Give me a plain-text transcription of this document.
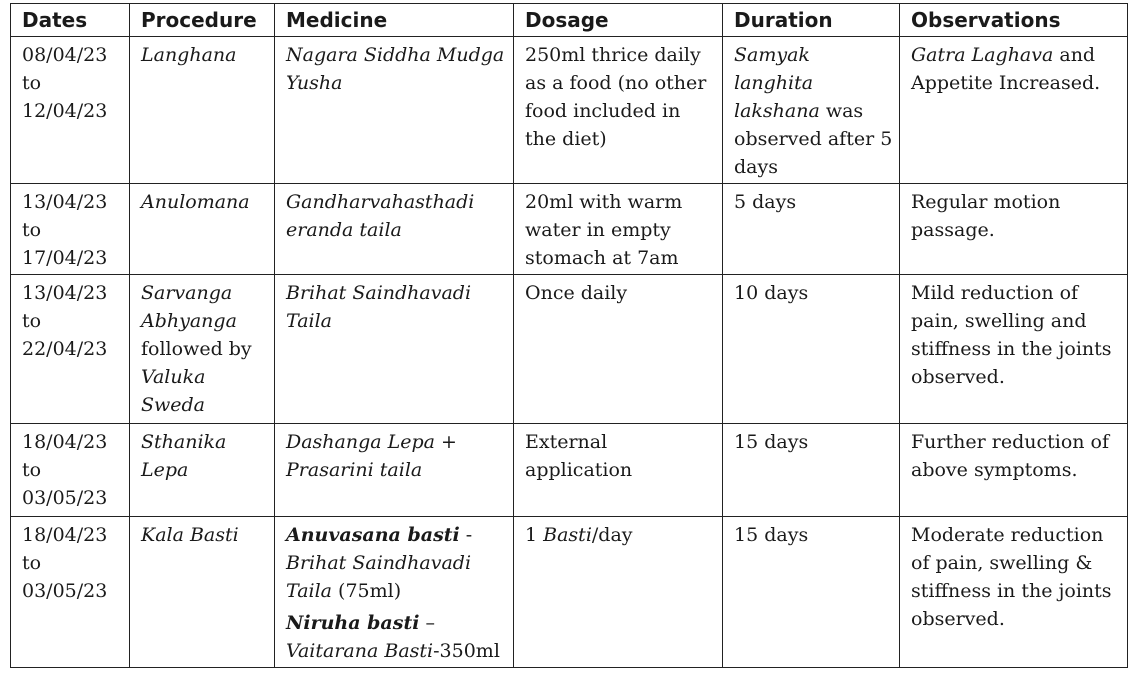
Dates	Procedure	Medicine	Dosage	Duration	Observations
08/04/23
to
12/04/23	Langhana	Nagara Siddha Mudga Yusha	250ml thrice daily as a food (no other food included in the diet)	Samyak langhita lakshana was observed after 5 days	Gatra Laghava and Appetite Increased.
13/04/23
to
17/04/23	Anulomana	Gandharvahasthadi eranda taila	20ml with warm water in empty stomach at 7am	5 days	Regular motion passage.
13/04/23
to
22/04/23	Sarvanga Abhyanga followed by Valuka Sweda	Brihat Saindhavadi Taila	Once daily	10 days	Mild reduction of pain, swelling and stiffness in the joints observed.
18/04/23
to
03/05/23	Sthanika Lepa	Dashanga Lepa + Prasarini taila	External application	15 days	Further reduction of above symptoms.
18/04/23
to
03/05/23	Kala Basti	Anuvasana basti - Brihat Saindhavadi Taila (75ml)
Niruha basti – Vaitarana Basti-350ml	1 Basti/day	15 days	Moderate reduction of pain, swelling & stiffness in the joints observed.
